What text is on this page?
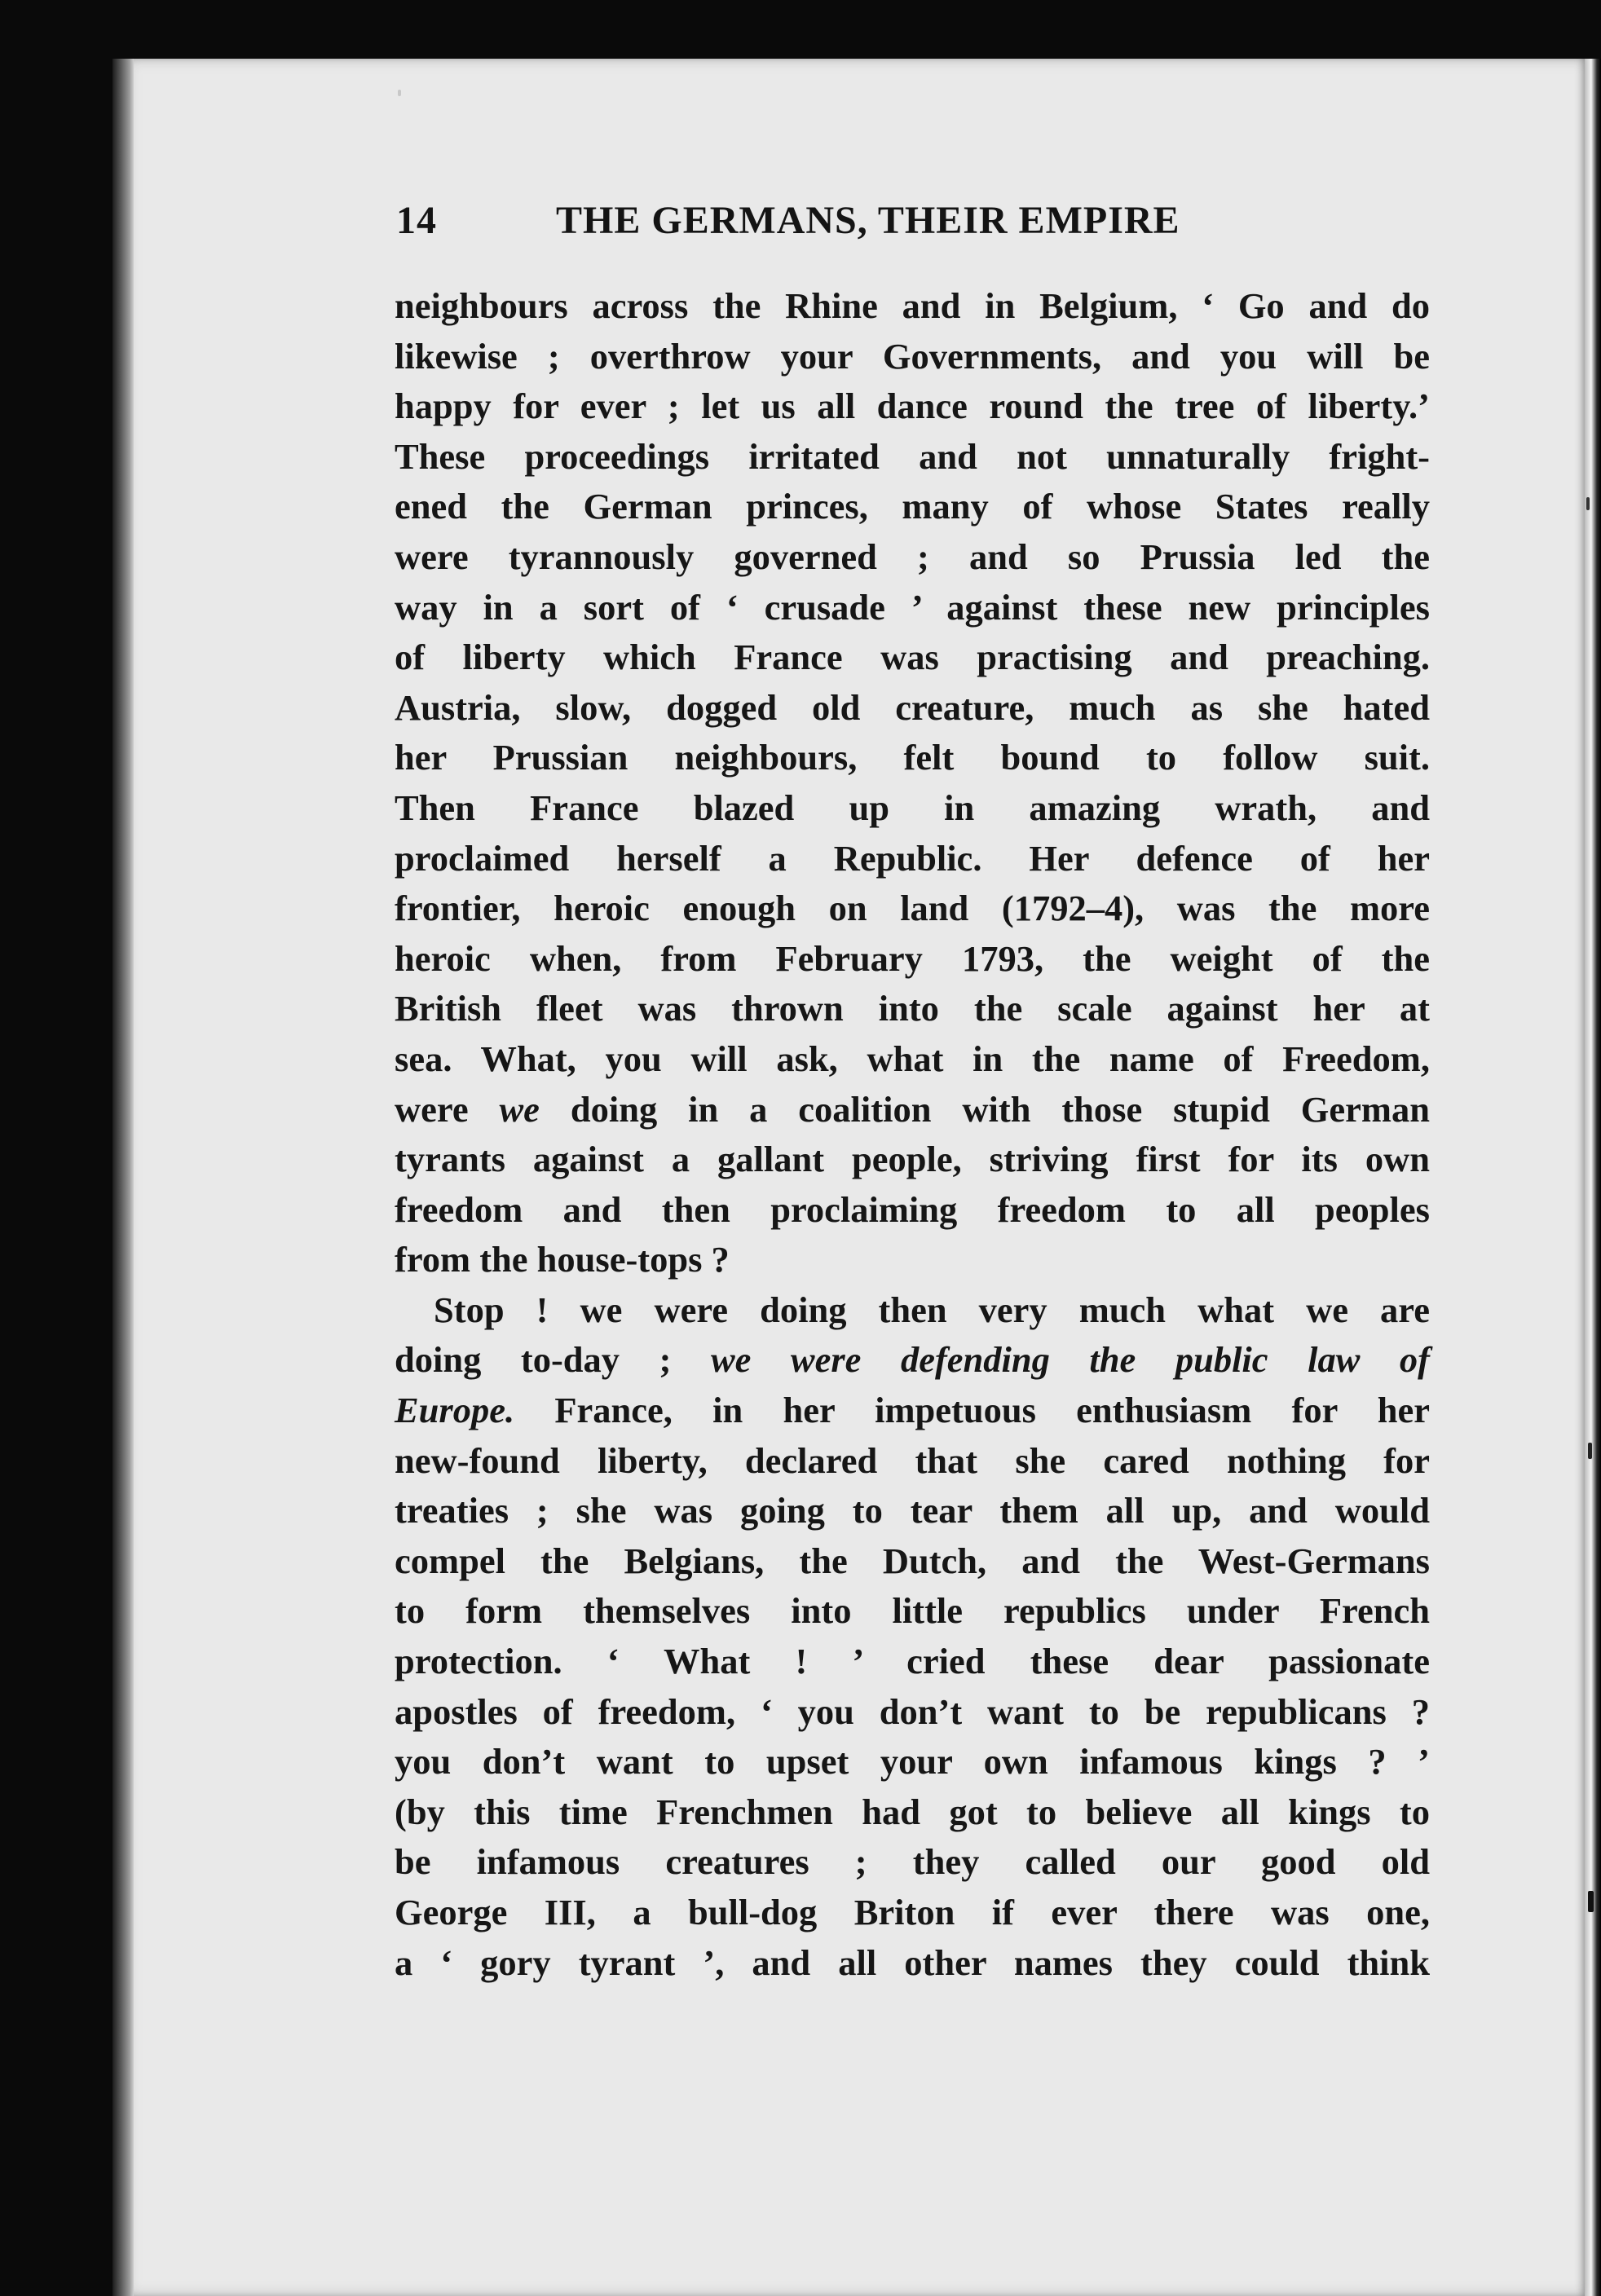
14	THE GERMANS, THEIR EMPIRE
neighbours across the Rhine and in Belgium, ‘ Go and do
likewise ; overthrow your Governments, and you will be
happy for ever ; let us all dance round the tree of liberty.’
These proceedings irritated and not unnaturally fright-
ened the German princes, many of whose States really
were tyrannously governed ; and so Prussia led the
way in a sort of ‘ crusade ’ against these new principles
of liberty which France was practising and preaching.
Austria, slow, dogged old creature, much as she hated
her Prussian neighbours, felt bound to follow suit.
Then France blazed up in amazing wrath, and
proclaimed herself a Republic. Her defence of her
frontier, heroic enough on land (1792–4), was the more
heroic when, from February 1793, the weight of the
British fleet was thrown into the scale against her at
sea. What, you will ask, what in the name of Freedom,
were we doing in a coalition with those stupid German
tyrants against a gallant people, striving first for its own
freedom and then proclaiming freedom to all peoples
from the house-tops ?
Stop ! we were doing then very much what we are
doing to-day ; we were defending the public law of
Europe. France, in her impetuous enthusiasm for her
new-found liberty, declared that she cared nothing for
treaties ; she was going to tear them all up, and would
compel the Belgians, the Dutch, and the West-Germans
to form themselves into little republics under French
protection. ‘ What ! ’ cried these dear passionate
apostles of freedom, ‘ you don’t want to be republicans ?
you don’t want to upset your own infamous kings ? ’
(by this time Frenchmen had got to believe all kings to
be infamous creatures ; they called our good old
George III, a bull-dog Briton if ever there was one,
a ‘ gory tyrant ’, and all other names they could think
